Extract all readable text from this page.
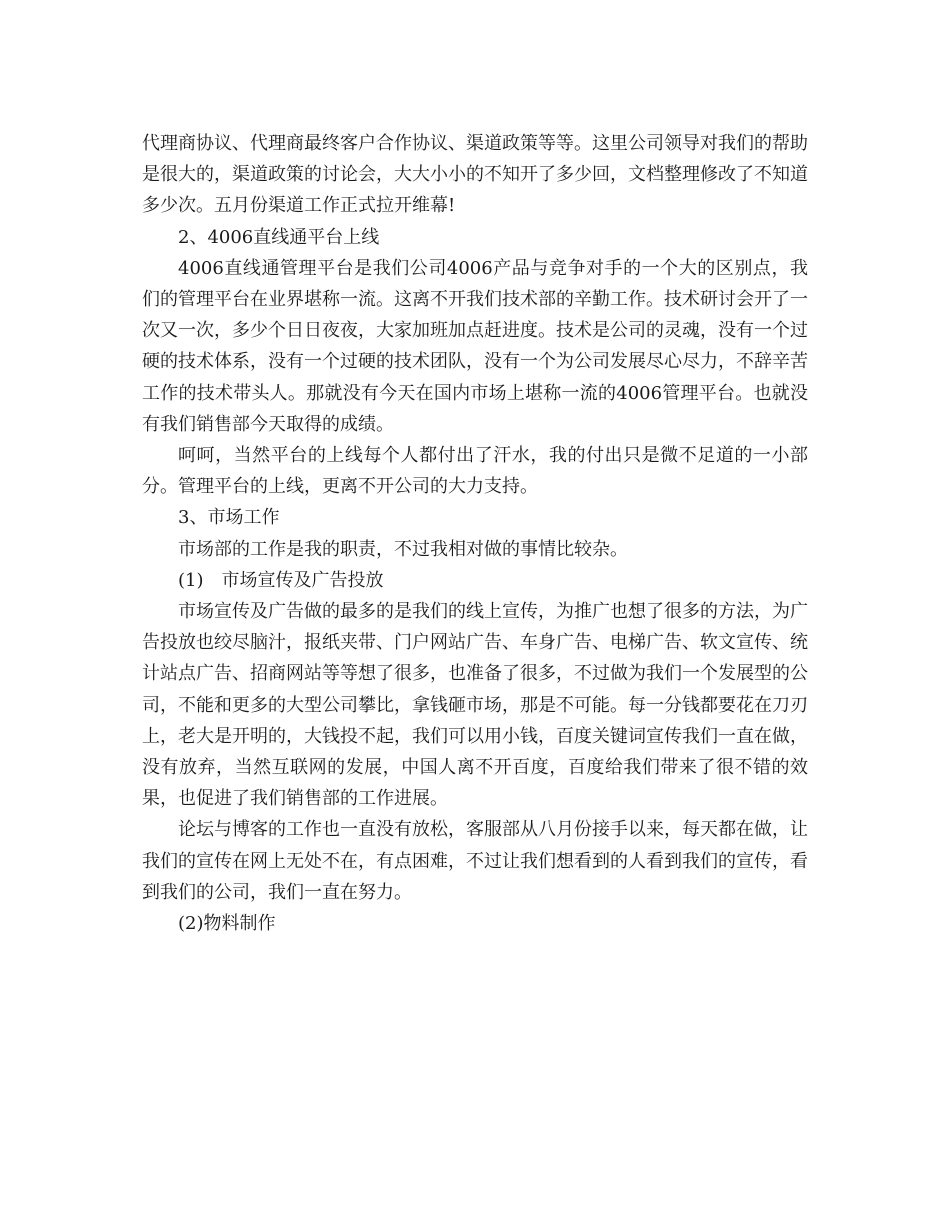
代理商协议、代理商最终客户合作协议、渠道政策等等。这里公司领导对我们的帮助是很大的，渠道政策的讨论会，大大小小的不知开了多少回，文档整理修改了不知道多少次。五月份渠道工作正式拉开维幕!

2、4006直线通平台上线

4006直线通管理平台是我们公司4006产品与竞争对手的一个大的区别点，我们的管理平台在业界堪称一流。这离不开我们技术部的辛勤工作。技术研讨会开了一次又一次，多少个日日夜夜，大家加班加点赶进度。技术是公司的灵魂，没有一个过硬的技术体系，没有一个过硬的技术团队，没有一个为公司发展尽心尽力，不辞辛苦工作的技术带头人。那就没有今天在国内市场上堪称一流的4006管理平台。也就没有我们销售部今天取得的成绩。

呵呵，当然平台的上线每个人都付出了汗水，我的付出只是微不足道的一小部分。管理平台的上线，更离不开公司的大力支持。

3、市场工作

市场部的工作是我的职责，不过我相对做的事情比较杂。

(1)　市场宣传及广告投放

市场宣传及广告做的最多的是我们的线上宣传，为推广也想了很多的方法，为广告投放也绞尽脑汁，报纸夹带、门户网站广告、车身广告、电梯广告、软文宣传、统计站点广告、招商网站等等想了很多，也准备了很多，不过做为我们一个发展型的公司，不能和更多的大型公司攀比，拿钱砸市场，那是不可能。每一分钱都要花在刀刃上，老大是开明的，大钱投不起，我们可以用小钱，百度关键词宣传我们一直在做，没有放弃，当然互联网的发展，中国人离不开百度，百度给我们带来了很不错的效果，也促进了我们销售部的工作进展。

论坛与博客的工作也一直没有放松，客服部从八月份接手以来，每天都在做，让我们的宣传在网上无处不在，有点困难，不过让我们想看到的人看到我们的宣传，看到我们的公司，我们一直在努力。

(2)物料制作
